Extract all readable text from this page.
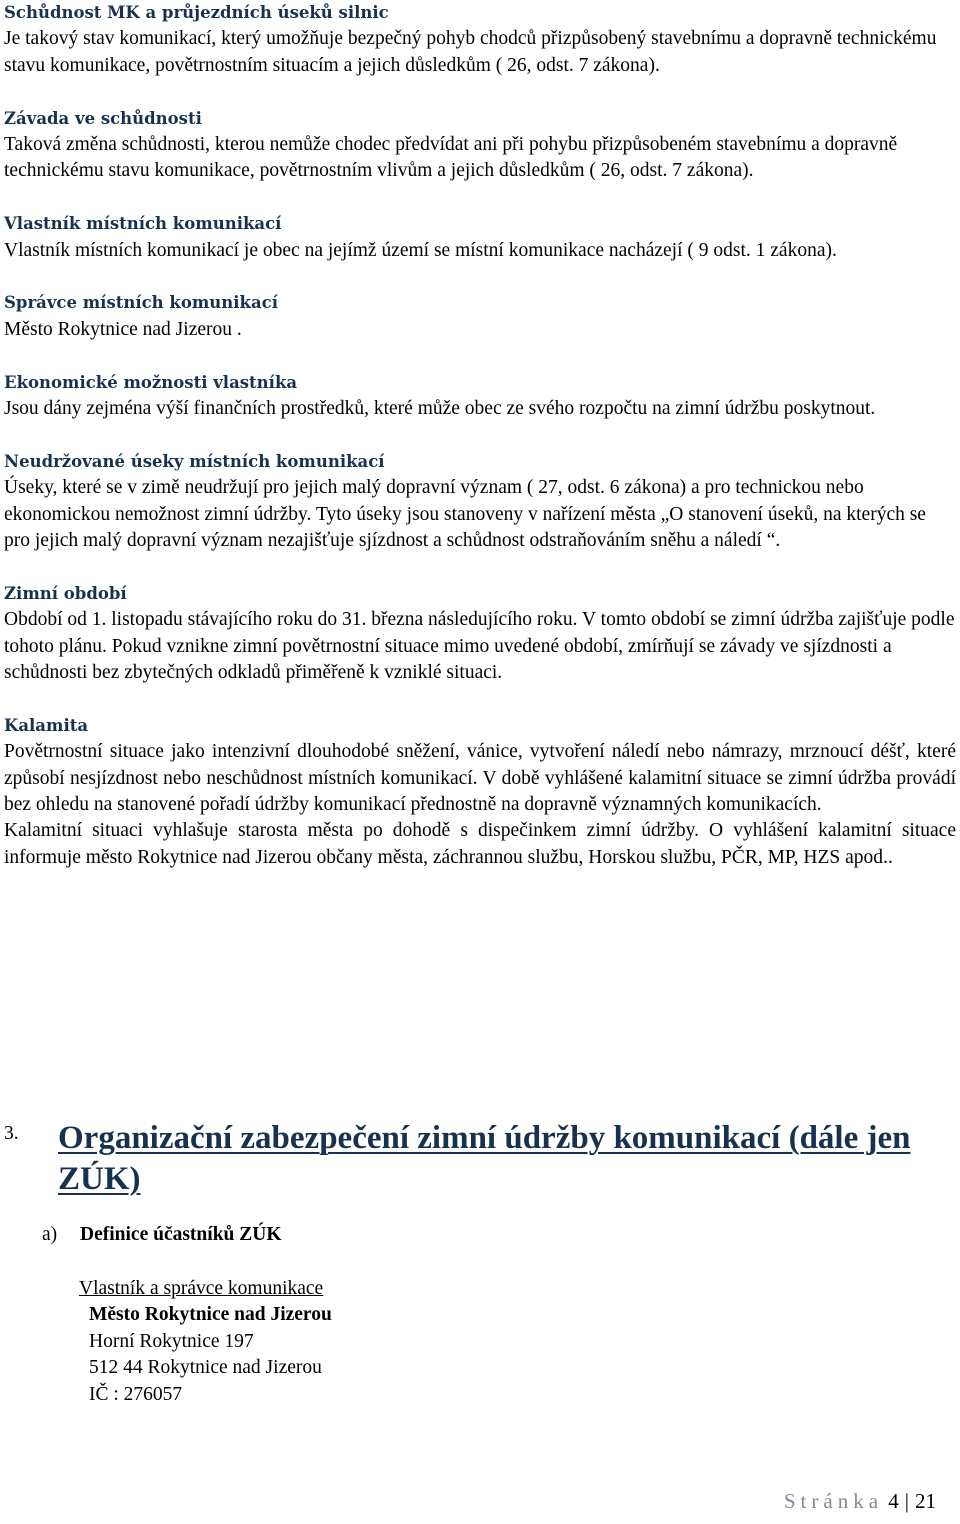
Schůdnost MK a průjezdních úseků silnic
Je takový stav komunikací, který umožňuje bezpečný pohyb chodců přizpůsobený stavebnímu a dopravně technickému stavu komunikace, povětrnostním situacím a jejich důsledkům ( 26, odst. 7 zákona).
Závada ve schůdnosti
Taková změna schůdnosti, kterou nemůže chodec předvídat ani při pohybu přizpůsobeném stavebnímu a dopravně technickému stavu komunikace, povětrnostním vlivům a jejich důsledkům ( 26, odst. 7 zákona).
Vlastník místních komunikací
Vlastník místních komunikací je obec na jejímž území se místní komunikace nacházejí ( 9 odst. 1 zákona).
Správce místních komunikací
Město Rokytnice nad Jizerou .
Ekonomické možnosti vlastníka
Jsou dány zejména výší finančních prostředků, které může obec ze svého rozpočtu na zimní údržbu poskytnout.
Neudržované úseky místních komunikací
Úseky, které se v zimě neudržují pro jejich malý dopravní význam ( 27, odst. 6 zákona) a pro technickou nebo ekonomickou nemožnost zimní údržby. Tyto úseky jsou stanoveny v nařízení města „O stanovení úseků, na kterých se pro jejich malý dopravní význam nezajišťuje sjízdnost a schůdnost odstraňováním sněhu a náledí “.
Zimní období
Období od 1. listopadu stávajícího roku do 31. března následujícího roku. V tomto období se zimní údržba zajišťuje podle tohoto plánu. Pokud vznikne zimní povětrnostní situace mimo uvedené období, zmírňují se závady ve sjízdnosti a schůdnosti bez zbytečných odkladů přiměřeně k vzniklé situaci.
Kalamita
Povětrnostní situace jako intenzivní dlouhodobé sněžení, vánice, vytvoření náledí nebo námrazy, mrznoucí déšť, které způsobí nesjízdnost nebo neschůdnost místních komunikací. V době vyhlášené kalamitní situace se zimní údržba provádí bez ohledu na stanovené pořadí údržby komunikací přednostně na dopravně významných komunikacích.
Kalamitní situaci vyhlašuje starosta města po dohodě s dispečinkem zimní údržby. O vyhlášení kalamitní situace informuje město Rokytnice nad Jizerou občany města, záchrannou službu, Horskou službu, PČR, MP, HZS apod..
3. Organizační zabezpečení zimní údržby komunikací (dále jen ZÚK)
a) Definice účastníků ZÚK
Vlastník a správce komunikace
Město Rokytnice nad Jizerou
Horní Rokytnice 197
512 44 Rokytnice nad Jizerou
IČ : 276057
Stránka 4 | 21
